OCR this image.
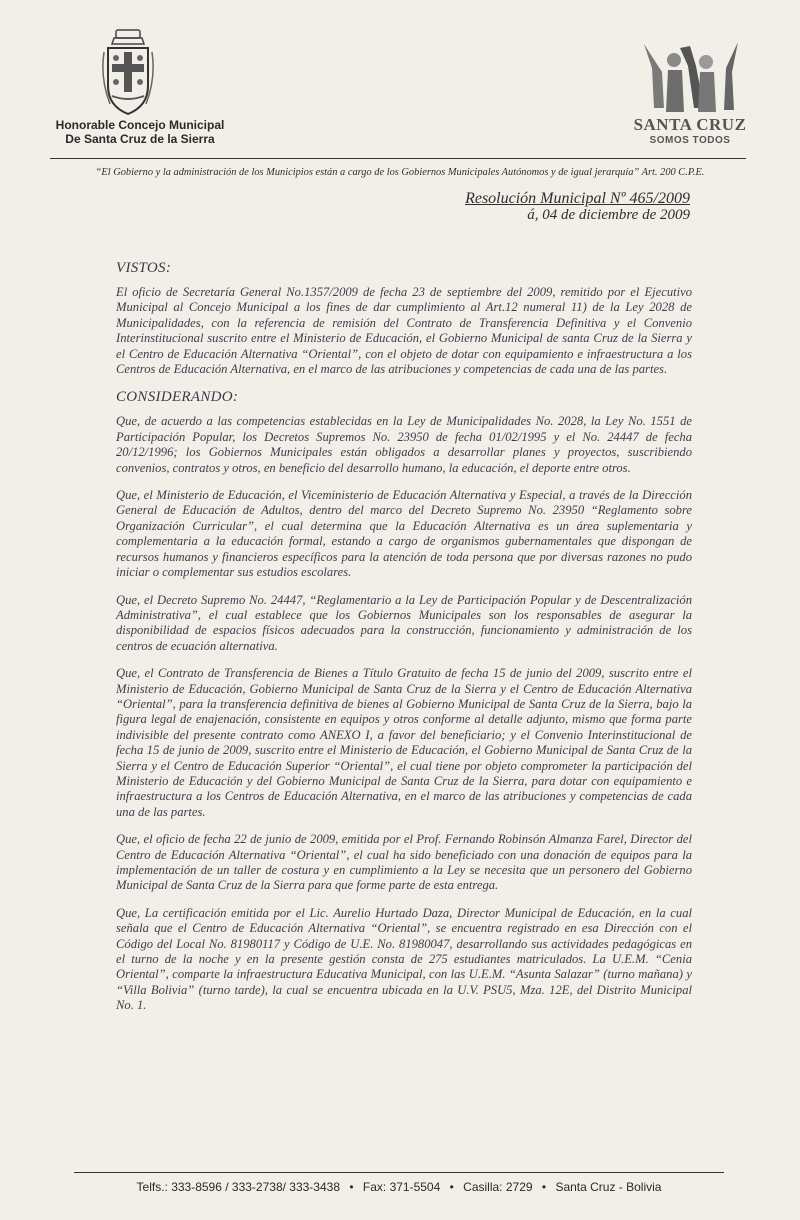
Honorable Concejo Municipal
De Santa Cruz de la Sierra
SANTA CRUZ
SOMOS TODOS
“El Gobierno y la administración de los Municipios están a cargo de los Gobiernos Municipales Autónomos y de igual jerarquía” Art. 200 C.P.E.
Resolución Municipal Nº 465/2009
á, 04 de diciembre de 2009
VISTOS:

El oficio de Secretaría General No.1357/2009 de fecha 23 de septiembre del 2009, remitido por el Ejecutivo Municipal al Concejo Municipal a los fines de dar cumplimiento al Art.12 numeral 11) de la Ley 2028 de Municipalidades, con la referencia de remisión del Contrato de Transferencia Definitiva y el Convenio Interinstitucional suscrito entre el Ministerio de Educación, el Gobierno Municipal de santa Cruz de la Sierra y el Centro de Educación Alternativa “Oriental”, con el objeto de dotar con equipamiento e infraestructura a los Centros de Educación Alternativa, en el marco de las atribuciones y competencias de cada una de las partes.

CONSIDERANDO:

Que, de acuerdo a las competencias establecidas en la Ley de Municipalidades No. 2028, la Ley No. 1551 de Participación Popular, los Decretos Supremos No. 23950 de fecha 01/02/1995 y el No. 24447 de fecha 20/12/1996; los Gobiernos Municipales están obligados a desarrollar planes y proyectos, suscribiendo convenios, contratos y otros, en beneficio del desarrollo humano, la educación, el deporte entre otros.

Que, el Ministerio de Educación, el Viceministerio de Educación Alternativa y Especial, a través de la Dirección General de Educación de Adultos, dentro del marco del Decreto Supremo No. 23950 “Reglamento sobre Organización Curricular”, el cual determina que la Educación Alternativa es un área suplementaria y complementaria a la educación formal, estando a cargo de organismos gubernamentales que dispongan de recursos humanos y financieros específicos para la atención de toda persona que por diversas razones no pudo iniciar o complementar sus estudios escolares.

Que, el Decreto Supremo No. 24447, “Reglamentario a la Ley de Participación Popular y de Descentralización Administrativa”, el cual establece que los Gobiernos Municipales son los responsables de asegurar la disponibilidad de espacios físicos adecuados para la construcción, funcionamiento y administración de los centros de ecuación alternativa.

Que, el Contrato de Transferencia de Bienes a Título Gratuito de fecha 15 de junio del 2009, suscrito entre el Ministerio de Educación, Gobierno Municipal de Santa Cruz de la Sierra y el Centro de Educación Alternativa “Oriental”, para la transferencia definitiva de bienes al Gobierno Municipal de Santa Cruz de la Sierra, bajo la figura legal de enajenación, consistente en equipos y otros conforme al detalle adjunto, mismo que forma parte indivisible del presente contrato como ANEXO I, a favor del beneficiario; y el Convenio Interinstitucional de fecha 15 de junio de 2009, suscrito entre el Ministerio de Educación, el Gobierno Municipal de Santa Cruz de la Sierra y el Centro de Educación Superior “Oriental”, el cual tiene por objeto comprometer la participación del Ministerio de Educación y del Gobierno Municipal de Santa Cruz de la Sierra, para dotar con equipamiento e infraestructura a los Centros de Educación Alternativa, en el marco de las atribuciones y competencias de cada una de las partes.

Que, el oficio de fecha 22 de junio de 2009, emitida por el Prof. Fernando Robinsón Almanza Farel, Director del Centro de Educación Alternativa “Oriental”, el cual ha sido beneficiado con una donación de equipos para la implementación de un taller de costura y en cumplimiento a la Ley se necesita que un personero del Gobierno Municipal de Santa Cruz de la Sierra para que forme parte de esta entrega.

Que, La certificación emitida por el Lic. Aurelio Hurtado Daza, Director Municipal de Educación, en la cual señala que el Centro de Educación Alternativa “Oriental”, se encuentra registrado en esa Dirección con el Código del Local No. 81980117 y Código de U.E. No. 81980047, desarrollando sus actividades pedagógicas en el turno de la noche y en la presente gestión consta de 275 estudiantes matriculados. La U.E.M. “Cenia Oriental”, comparte la infraestructura Educativa Municipal, con las U.E.M. “Asunta Salazar” (turno mañana) y “Villa Bolivia” (turno tarde), la cual se encuentra ubicada en la U.V. PSU5, Mza. 12E, del Distrito Municipal No. 1.

Telfs.: 333-8596 / 333-2738/ 333-3438 • Fax: 371-5504 • Casilla: 2729 • Santa Cruz - Bolivia
